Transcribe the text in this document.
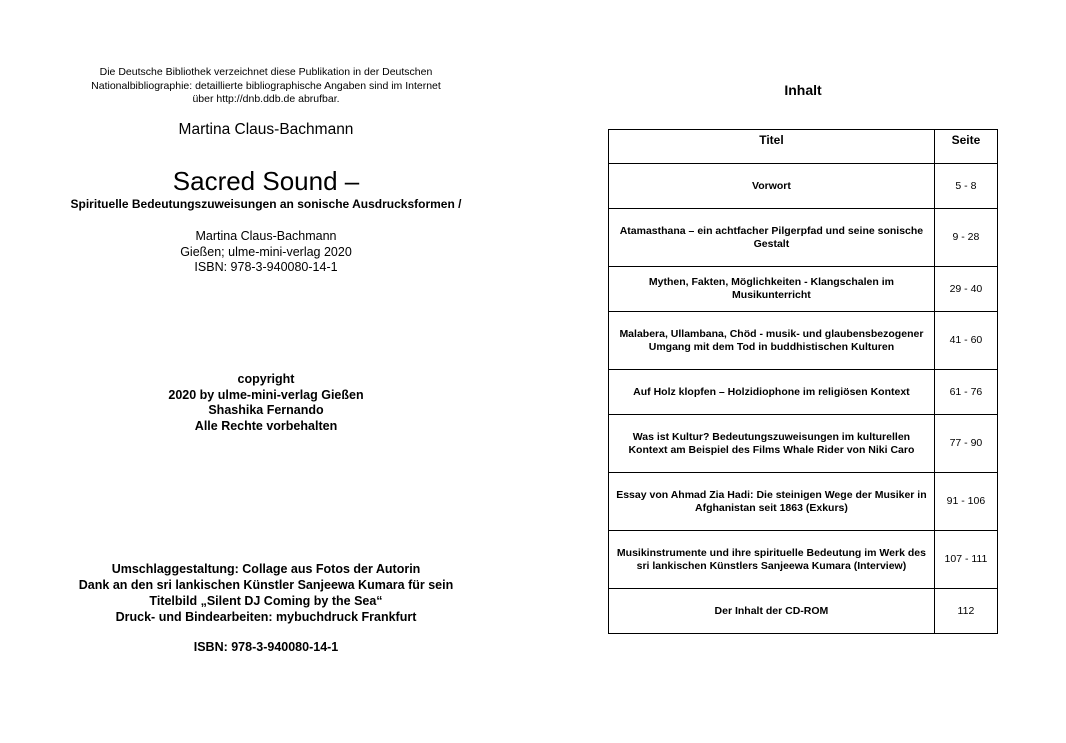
Die Deutsche Bibliothek verzeichnet diese Publikation in der Deutschen
Nationalbibliographie: detaillierte bibliographische Angaben sind im Internet
über http://dnb.ddb.de abrufbar.
Martina Claus-Bachmann
Sacred Sound –
Spirituelle Bedeutungszuweisungen an sonische Ausdrucksformen /
Martina Claus-Bachmann
Gießen; ulme-mini-verlag 2020
ISBN: 978-3-940080-14-1
copyright
2020 by ulme-mini-verlag Gießen
Shashika Fernando
Alle Rechte vorbehalten
Umschlaggestaltung: Collage aus Fotos der Autorin
Dank an den sri lankischen Künstler Sanjeewa Kumara für sein
Titelbild „Silent DJ Coming by the Sea“
Druck- und Bindearbeiten: mybuchdruck Frankfurt
ISBN: 978-3-940080-14-1
Inhalt
Titel	Seite
Vorwort	5 - 8
Atamasthana – ein achtfacher Pilgerpfad und seine sonische Gestalt	9 - 28
Mythen, Fakten, Möglichkeiten - Klangschalen im Musikunterricht	29 - 40
Malabera, Ullambana, Chöd - musik- und glaubensbezogener Umgang mit dem Tod in buddhistischen Kulturen	41 - 60
Auf Holz klopfen – Holzidiophone im religiösen Kontext	61 - 76
Was ist Kultur? Bedeutungszuweisungen im kulturellen Kontext am Beispiel des Films Whale Rider von Niki Caro	77 - 90
Essay von Ahmad Zia Hadi: Die steinigen Wege der Musiker in Afghanistan seit 1863 (Exkurs)	91 - 106
Musikinstrumente und ihre spirituelle Bedeutung im Werk des sri lankischen Künstlers Sanjeewa Kumara (Interview)	107 - 111
Der Inhalt der CD-ROM	112
